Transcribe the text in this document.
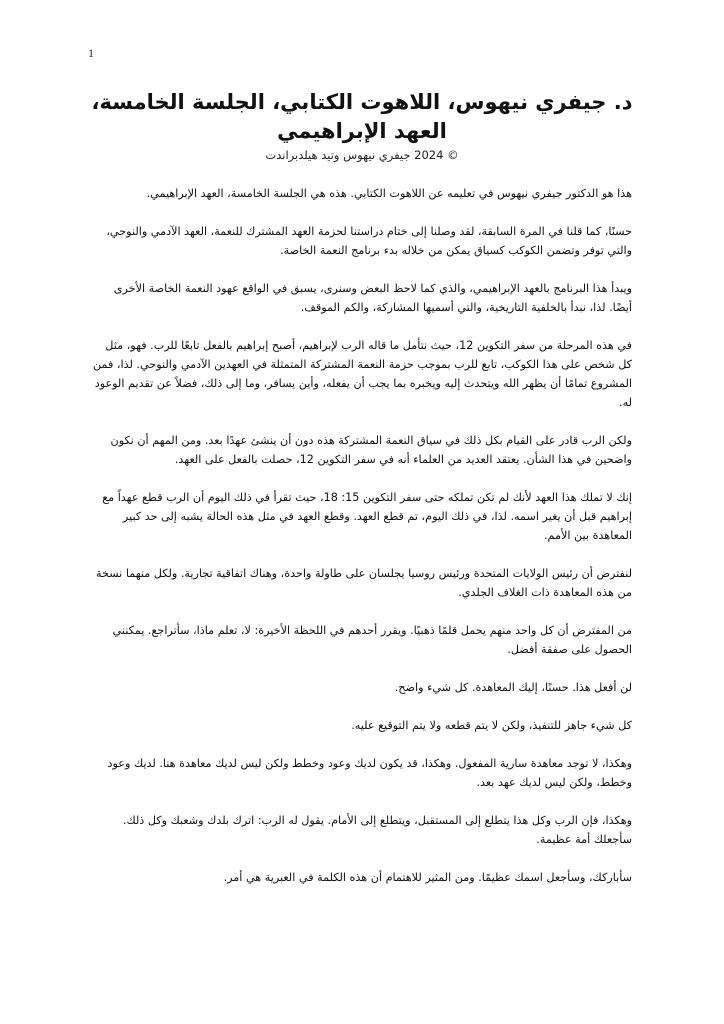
1
د. جيفري نيهوس، اللاهوت الكتابي، الجلسة الخامسة،
العهد الإبراهيمي
© 2024 جيفري نيهوس وتيد هيلدبراندت

هذا هو الدكتور جيفري نيهوس في تعليمه عن اللاهوت الكتابي. هذه هي الجلسة الخامسة، العهد الإبراهيمي.

حسنًا، كما قلنا في المرة السابقة، لقد وصلنا إلى ختام دراستنا لحزمة العهد المشترك للنعمة، العهد الآدمي والنوحي، والتي توفر وتضمن الكوكب كسياق يمكن من خلاله بدء برنامج النعمة الخاصة.

ويبدأ هذا البرنامج بالعهد الإبراهيمي، والذي كما لاحظ البعض وسنرى، يسبق في الواقع عهود النعمة الخاصة الأخرى أيضًا. لذا، نبدأ بالخلفية التاريخية، والتي أسميها المشاركة، والكم الموقف.

في هذه المرحلة من سفر التكوين 12، حيث نتأمل ما قاله الرب لإبراهيم، أصبح إبراهيم بالفعل تابعًا للرب. فهو، مثل كل شخص على هذا الكوكب، تابع للرب بموجب حزمة النعمة المشتركة المتمثلة في العهدين الآدمي والنوحي. لذا، فمن المشروع تمامًا أن يظهر الله ويتحدث إليه ويخبره بما يجب أن يفعله، وأين يسافر، وما إلى ذلك، فضلاً عن تقديم الوعود له.

ولكن الرب قادر على القيام بكل ذلك في سياق النعمة المشتركة هذه دون أن ينشئ عهدًا بعد. ومن المهم أن نكون واضحين في هذا الشأن. يعتقد العديد من العلماء أنه في سفر التكوين 12، حصلت بالفعل على العهد.

إنك لا تملك هذا العهد لأنك لم تكن تملكه حتى سفر التكوين 15: 18، حيث تقرأ في ذلك اليوم أن الرب قطع عهداً مع إبراهيم قبل أن يغير اسمه. لذا، في ذلك اليوم، تم قطع العهد. وقطع العهد في مثل هذه الحالة يشبه إلى حد كبير المعاهدة بين الأمم.

لنفترض أن رئيس الولايات المتحدة ورئيس روسيا يجلسان على طاولة واحدة، وهناك اتفاقية تجارية. ولكل منهما نسخة من هذه المعاهدة ذات الغلاف الجلدي.

من المفترض أن كل واحد منهم يحمل قلمًا ذهبيًا. ويقرر أحدهم في اللحظة الأخيرة: لا، تعلم ماذا، سأتراجع. يمكنني الحصول على صفقة أفضل.

لن أفعل هذا. حسنًا، إليك المعاهدة. كل شيء واضح.

كل شيء جاهز للتنفيذ، ولكن لا يتم قطعه ولا يتم التوقيع عليه.

وهكذا، لا توجد معاهدة سارية المفعول. وهكذا، قد يكون لديك وعود وخطط ولكن ليس لديك معاهدة هنا. لديك وعود وخطط، ولكن ليس لديك عهد بعد.

وهكذا، فإن الرب وكل هذا يتطلع إلى المستقبل، ويتطلع إلى الأمام. يقول له الرب: اترك بلدك وشعبك وكل ذلك. سأجعلك أمة عظيمة.

سأباركك، وسأجعل اسمك عظيمًا. ومن المثير للاهتمام أن هذه الكلمة في العبرية هي أمر.
